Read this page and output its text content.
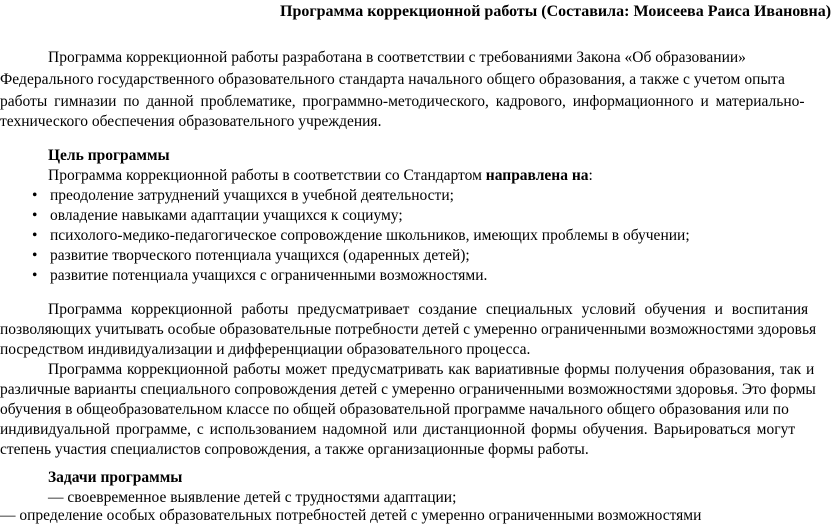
Программа коррекционной работы (Составила: Моисеева Раиса Ивановна)
Программа коррекционной работы разработана в соответствии с требованиями Закона «Об образовании»
Федерального государственного образовательного стандарта начального общего образования, а также с учетом опыта
работы гимназии по данной проблематике, программно-методического, кадрового, информационного и материально-
технического обеспечения образовательного учреждения.
Цель программы
Программа коррекционной работы в соответствии со Стандартом направлена на:
• преодоление затруднений учащихся в учебной деятельности;
• овладение навыками адаптации учащихся к социуму;
• психолого-медико-педагогическое сопровождение школьников, имеющих проблемы в обучении;
• развитие творческого потенциала учащихся (одаренных детей);
• развитие потенциала учащихся с ограниченными возможностями.
Программа коррекционной работы предусматривает создание специальных условий обучения и воспитания
позволяющих учитывать особые образовательные потребности детей с умеренно ограниченными возможностями здоровья
посредством индивидуализации и дифференциации образовательного процесса.
Программа коррекционной работы может предусматривать как вариативные формы получения образования, так и
различные варианты специального сопровождения детей с умеренно ограниченными возможностями здоровья. Это формы
обучения в общеобразовательном классе по общей образовательной программе начального общего образования или по
индивидуальной программе, с использованием надомной или дистанционной формы обучения. Варьироваться могут
степень участия специалистов сопровождения, а также организационные формы работы.
Задачи программы
— своевременное выявление детей с трудностями адаптации;
— определение особых образовательных потребностей детей с умеренно ограниченными возможностями
